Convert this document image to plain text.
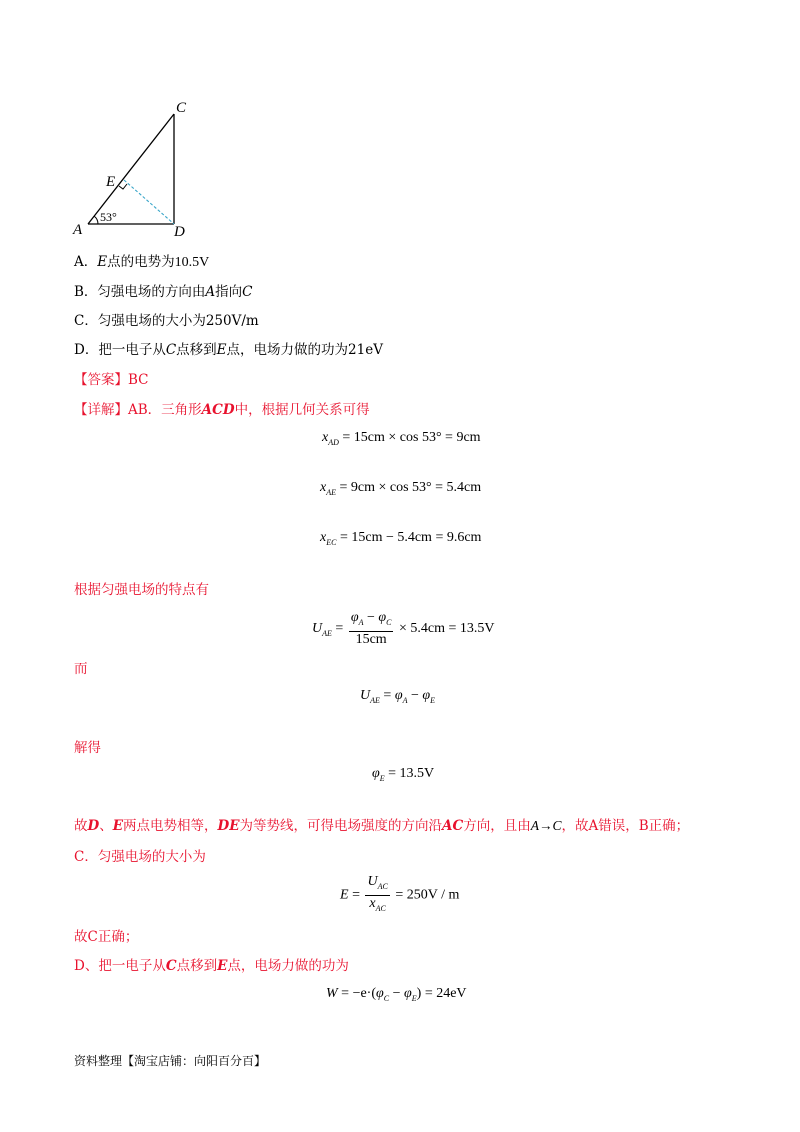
C
E
A	D
53°
A．E点的电势为10.5V
B．匀强电场的方向由A指向C
C．匀强电场的大小为250V/m
D．把一电子从C点移到E点，电场力做的功为21eV
【答案】BC
【详解】AB．三角形ACD中，根据几何关系可得
$x_{AD} = 15cm \times \cos 53^\circ = 9cm$
$x_{AE} = 9cm \times \cos 53^\circ = 5.4cm$
$x_{EC} = 15cm - 5.4cm = 9.6cm$
根据匀强电场的特点有
$U_{AE} = \frac{\varphi_A - \varphi_C}{15cm} \times 5.4cm = 13.5V$
而
$U_{AE} = \varphi_A - \varphi_E$
解得
$\varphi_E = 13.5V$
故D、E两点电势相等，DE为等势线，可得电场强度的方向沿AC方向，且由A→C，故A错误，B正确；
C．匀强电场的大小为
$E = \frac{U_{AC}}{x_{AC}} = 250V / m$
故C正确；
D、把一电子从C点移到E点，电场力做的功为
$W = -e\cdot(\varphi_C - \varphi_E) = 24eV$
资料整理【淘宝店铺：向阳百分百】
